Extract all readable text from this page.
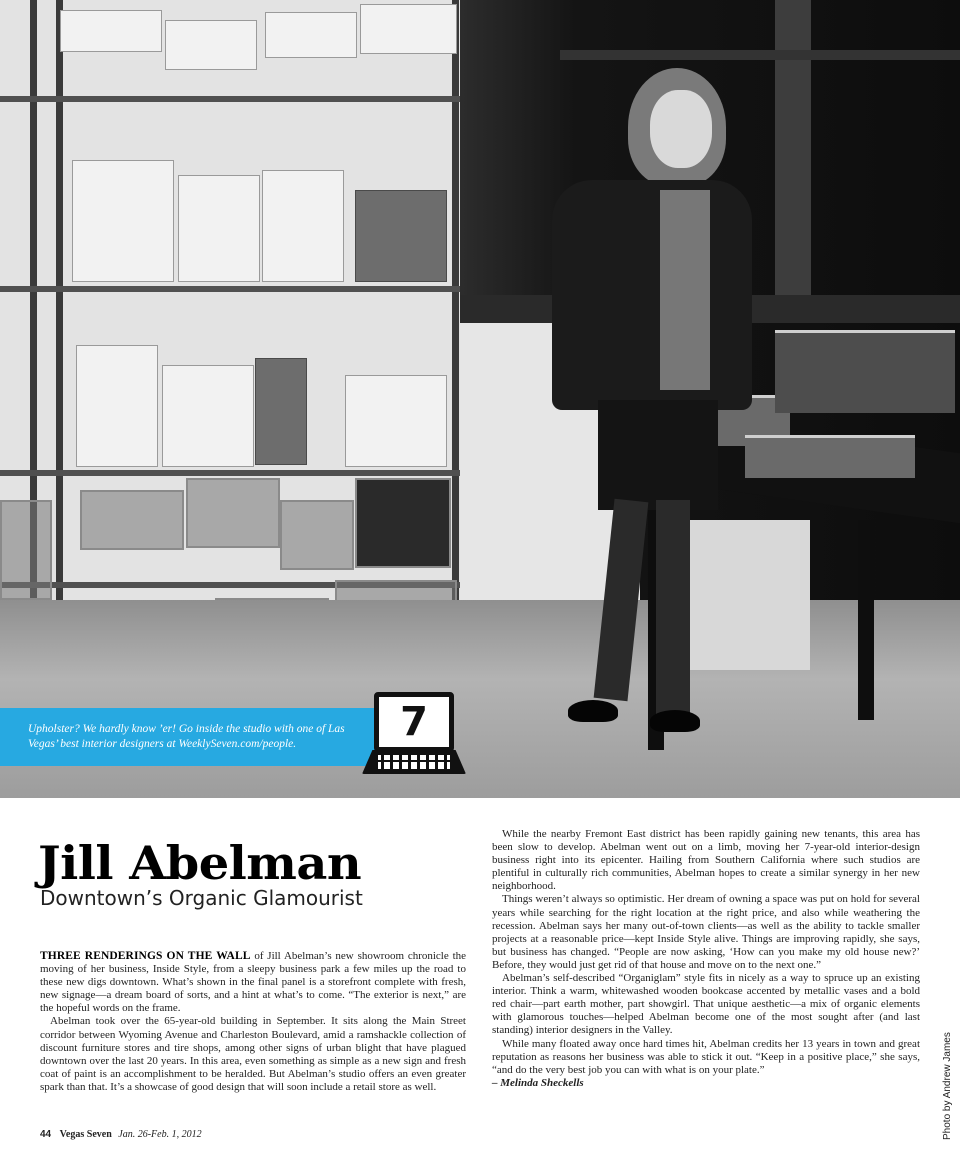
Upholster? We hardly know ’er! Go inside the studio with one of Las Vegas’ best interior designers at WeeklySeven.com/people.	7
Jill Abelman
Downtown’s Organic Glamourist

THREE RENDERINGS ON THE WALL of Jill Abelman’s new showroom chronicle the moving of her business, Inside Style, from a sleepy business park a few miles up the road to these new digs downtown. What’s shown in the final panel is a storefront complete with fresh, new signage—a dream board of sorts, and a hint at what’s to come. “The exterior is next,” are the hopeful words on the frame.

Abelman took over the 65-year-old building in September. It sits along the Main Street corridor between Wyoming Avenue and Charleston Boulevard, amid a ramshackle collection of discount furniture stores and tire shops, among other signs of urban blight that have plagued downtown over the last 20 years. In this area, even something as simple as a new sign and fresh coat of paint is an accomplishment to be heralded. But Abelman’s studio offers an even greater spark than that. It’s a showcase of good design that will soon include a retail store as well.

While the nearby Fremont East district has been rapidly gaining new tenants, this area has been slow to develop. Abelman went out on a limb, moving her 7-year-old interior-design business right into its epicenter. Hailing from Southern California where such studios are plentiful in culturally rich communities, Abelman hopes to create a similar synergy in her new neighborhood.

Things weren’t always so optimistic. Her dream of owning a space was put on hold for several years while searching for the right location at the right price, and also while weathering the recession. Abelman says her many out-of-town clients—as well as the ability to tackle smaller projects at a reasonable price—kept Inside Style alive. Things are improving rapidly, she says, but business has changed. “People are now asking, ‘How can you make my old house new?’ Before, they would just get rid of that house and move on to the next one.”

Abelman’s self-described “Organiglam” style fits in nicely as a way to spruce up an existing interior. Think a warm, whitewashed wooden bookcase accented by metallic vases and a bold red chair—part earth mother, part showgirl. That unique aesthetic—a mix of organic elements with glamorous touches—helped Abelman become one of the most sought after (and last standing) interior designers in the Valley.

While many floated away once hard times hit, Abelman credits her 13 years in town and great reputation as reasons her business was able to stick it out. “Keep in a positive place,” she says, “and do the very best job you can with what is on your plate.”

– Melinda Sheckells	Photo by Andrew James
44 Vegas Seven Jan. 26-Feb. 1, 2012
